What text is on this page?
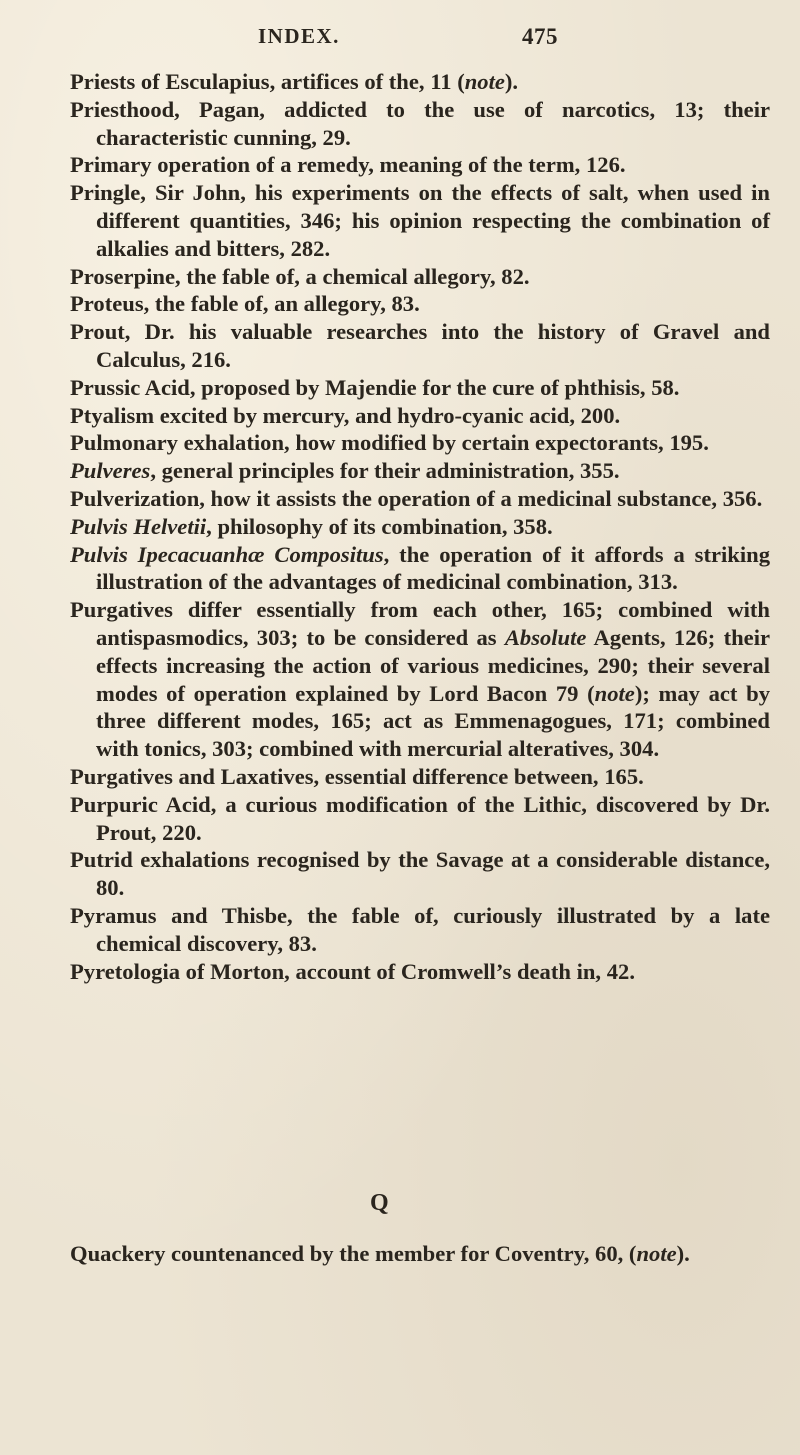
INDEX.	475
Priests of Esculapius, artifices of the, 11 (note).
Priesthood, Pagan, addicted to the use of narcotics, 13; their characteristic cunning, 29.
Primary operation of a remedy, meaning of the term, 126.
Pringle, Sir John, his experiments on the effects of salt, when used in different quantities, 346; his opinion respecting the combination of alkalies and bitters, 282.
Proserpine, the fable of, a chemical allegory, 82.
Proteus, the fable of, an allegory, 83.
Prout, Dr. his valuable researches into the history of Gravel and Calculus, 216.
Prussic Acid, proposed by Majendie for the cure of phthisis, 58.
Ptyalism excited by mercury, and hydro-cyanic acid, 200.
Pulmonary exhalation, how modified by certain expectorants, 195.
Pulveres, general principles for their administration, 355.
Pulverization, how it assists the operation of a medicinal substance, 356.
Pulvis Helvetii, philosophy of its combination, 358.
Pulvis Ipecacuanhæ Compositus, the operation of it affords a striking illustration of the advantages of medicinal combination, 313.
Purgatives differ essentially from each other, 165; combined with antispasmodics, 303; to be considered as Absolute Agents, 126; their effects increasing the action of various medicines, 290; their several modes of operation explained by Lord Bacon 79 (note); may act by three different modes, 165; act as Emmenagogues, 171; combined with tonics, 303; combined with mercurial alteratives, 304.
Purgatives and Laxatives, essential difference between, 165.
Purpuric Acid, a curious modification of the Lithic, discovered by Dr. Prout, 220.
Putrid exhalations recognised by the Savage at a considerable distance, 80.
Pyramus and Thisbe, the fable of, curiously illustrated by a late chemical discovery, 83.
Pyretologia of Morton, account of Cromwell’s death in, 42.
Q
Quackery countenanced by the member for Coventry, 60, (note).
